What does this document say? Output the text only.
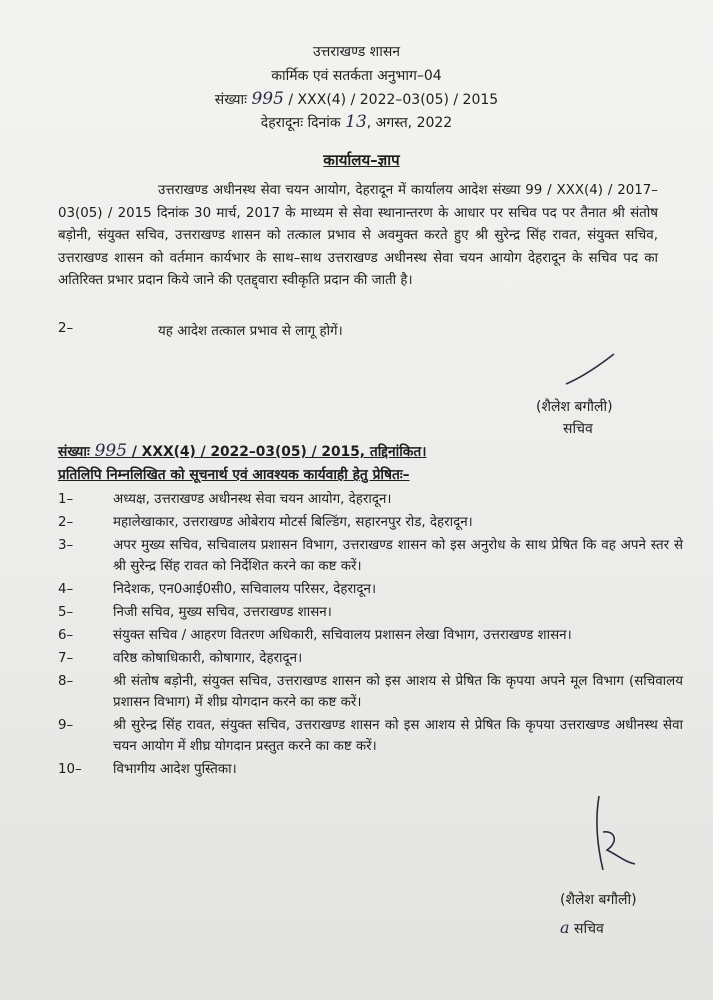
उत्तराखण्ड शासन
कार्मिक एवं सतर्कता अनुभाग–04
संख्याः 995 / XXX(4) / 2022–03(05) / 2015
देहरादूनः दिनांक 13, अगस्त, 2022
कार्यालय–ज्ञाप
उत्तराखण्ड अधीनस्थ सेवा चयन आयोग, देहरादून में कार्यालय आदेश संख्या 99 / XXX(4) / 2017–03(05) / 2015 दिनांक 30 मार्च, 2017 के माध्यम से सेवा स्थानान्तरण के आधार पर सचिव पद पर तैनात श्री संतोष बड़ोनी, संयुक्त सचिव, उत्तराखण्ड शासन को तत्काल प्रभाव से अवमुक्त करते हुए श्री सुरेन्द्र सिंह रावत, संयुक्त सचिव, उत्तराखण्ड शासन को वर्तमान कार्यभार के साथ–साथ उत्तराखण्ड अधीनस्थ सेवा चयन आयोग देहरादून के सचिव पद का अतिरिक्त प्रभार प्रदान किये जाने की एतद्द्वारा स्वीकृति प्रदान की जाती है।
2–	यह आदेश तत्काल प्रभाव से लागू होगें।
(शैलेश बगौली)
सचिव
संख्याः 995 / XXX(4) / 2022–03(05) / 2015, तद्दिनांकित।
प्रतिलिपि निम्नलिखित को सूचनार्थ एवं आवश्यक कार्यवाही हेतु प्रेषितः–
1–	अध्यक्ष, उत्तराखण्ड अधीनस्थ सेवा चयन आयोग, देहरादून।
2–	महालेखाकार, उत्तराखण्ड ओबेराय मोटर्स बिल्डिंग, सहारनपुर रोड, देहरादून।
3–	अपर मुख्य सचिव, सचिवालय प्रशासन विभाग, उत्तराखण्ड शासन को इस अनुरोध के साथ प्रेषित कि वह अपने स्तर से श्री सुरेन्द्र सिंह रावत को निर्देशित करने का कष्ट करें।
4–	निदेशक, एन0आई0सी0, सचिवालय परिसर, देहरादून।
5–	निजी सचिव, मुख्य सचिव, उत्तराखण्ड शासन।
6–	संयुक्त सचिव / आहरण वितरण अधिकारी, सचिवालय प्रशासन लेखा विभाग, उत्तराखण्ड शासन।
7–	वरिष्ठ कोषाधिकारी, कोषागार, देहरादून।
8–	श्री संतोष बड़ोनी, संयुक्त सचिव, उत्तराखण्ड शासन को इस आशय से प्रेषित कि कृपया अपने मूल विभाग (सचिवालय प्रशासन विभाग) में शीघ्र योगदान करने का कष्ट करें।
9–	श्री सुरेन्द्र सिंह रावत, संयुक्त सचिव, उत्तराखण्ड शासन को इस आशय से प्रेषित कि कृपया उत्तराखण्ड अधीनस्थ सेवा चयन आयोग में शीघ्र योगदान प्रस्तुत करने का कष्ट करें।
10– विभागीय आदेश पुस्तिका।
(शैलेश बगौली)
a सचिव
